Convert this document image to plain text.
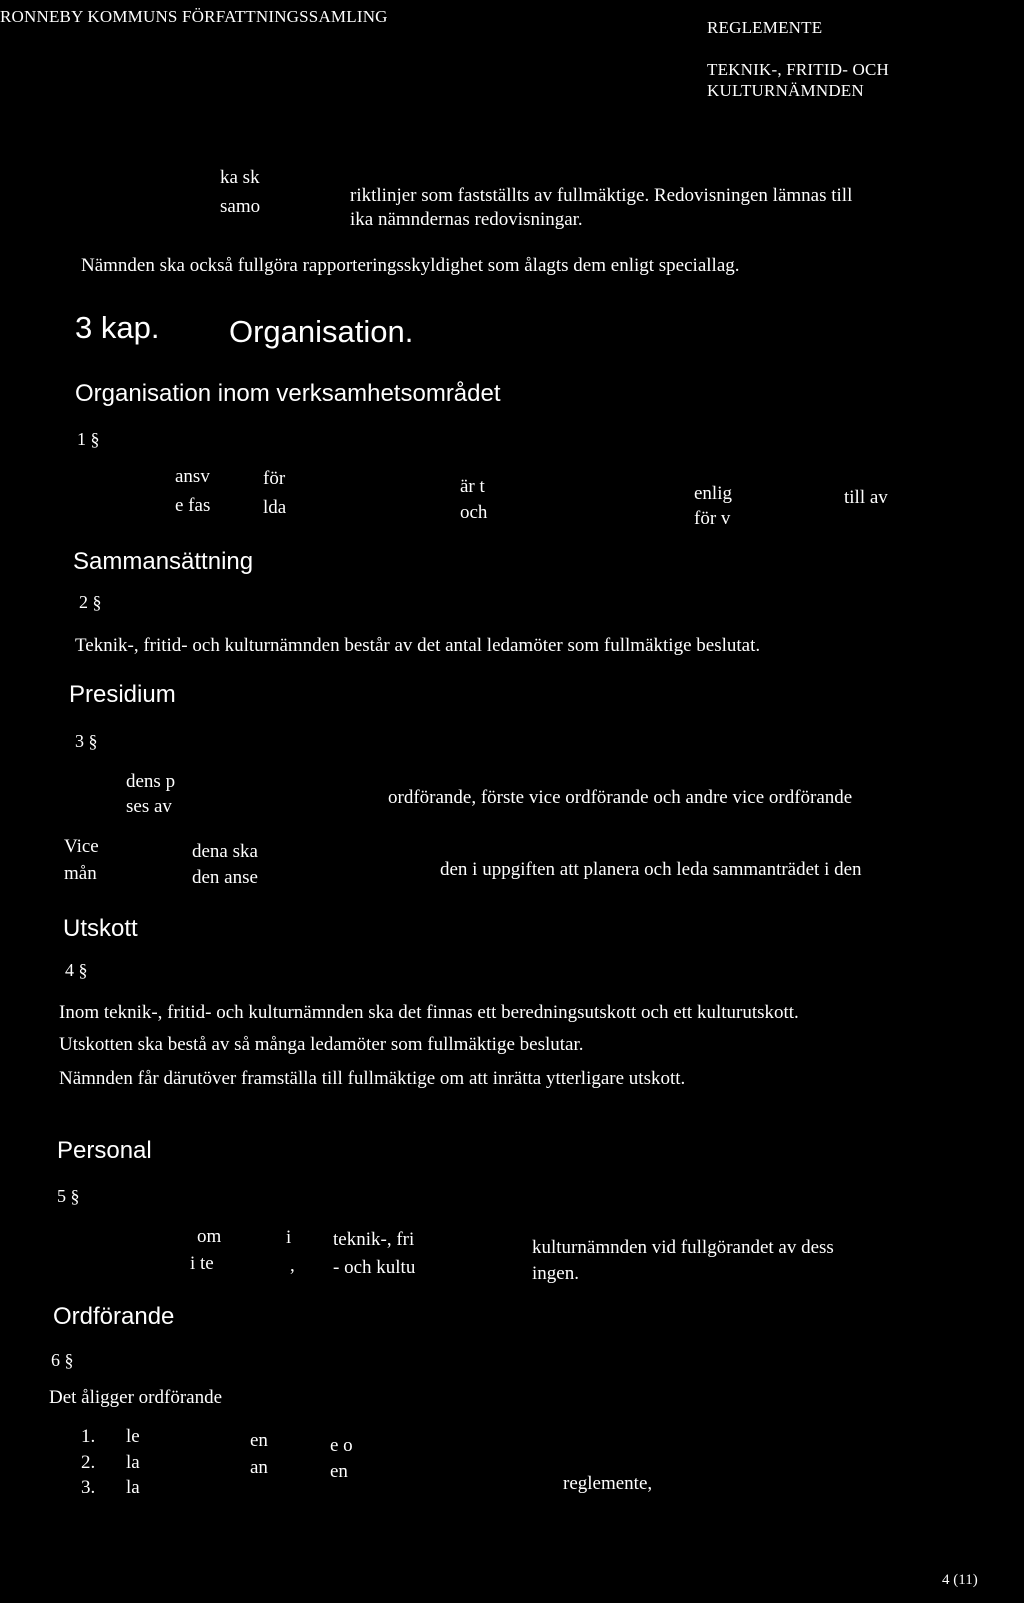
RONNEBY KOMMUNS FÖRFATTNINGSSAMLING
REGLEMENTE
TEKNIK-, FRITID- OCH
KULTURNÄMNDEN
ka sk
samo
riktlinjer som fastställts av fullmäktige. Redovisningen lämnas till
ika nämndernas redovisningar.
Nämnden ska också fullgöra rapporteringsskyldighet som ålagts dem enligt speciallag.
3 kap. Organisation.
Organisation inom verksamhetsområdet
1 §
ansv
e fas
för
lda
är t
och
enlig
för v
till av
Sammansättning
2 §
Teknik-, fritid- och kulturnämnden består av det antal ledamöter som fullmäktige beslutat.
Presidium
3 §
dens p
ses av	ordförande, förste vice ordförande och andre vice ordförande
Vice
mån
dena ska
den anse	den i uppgiften att planera och leda sammanträdet i den
Utskott
4 §
Inom teknik-, fritid- och kulturnämnden ska det finnas ett beredningsutskott och ett kulturutskott.
Utskotten ska bestå av så många ledamöter som fullmäktige beslutar.
Nämnden får därutöver framställa till fullmäktige om att inrätta ytterligare utskott.
Personal
5 §
om
i te
i
,
teknik-, fri
- och kultu
kulturnämnden vid fullgörandet av dess
ingen.
Ordförande
6 §
Det åligger ordförande
1.
2.
3.
le
la
la
en
an
e o
en
reglemente,
4 (11)
